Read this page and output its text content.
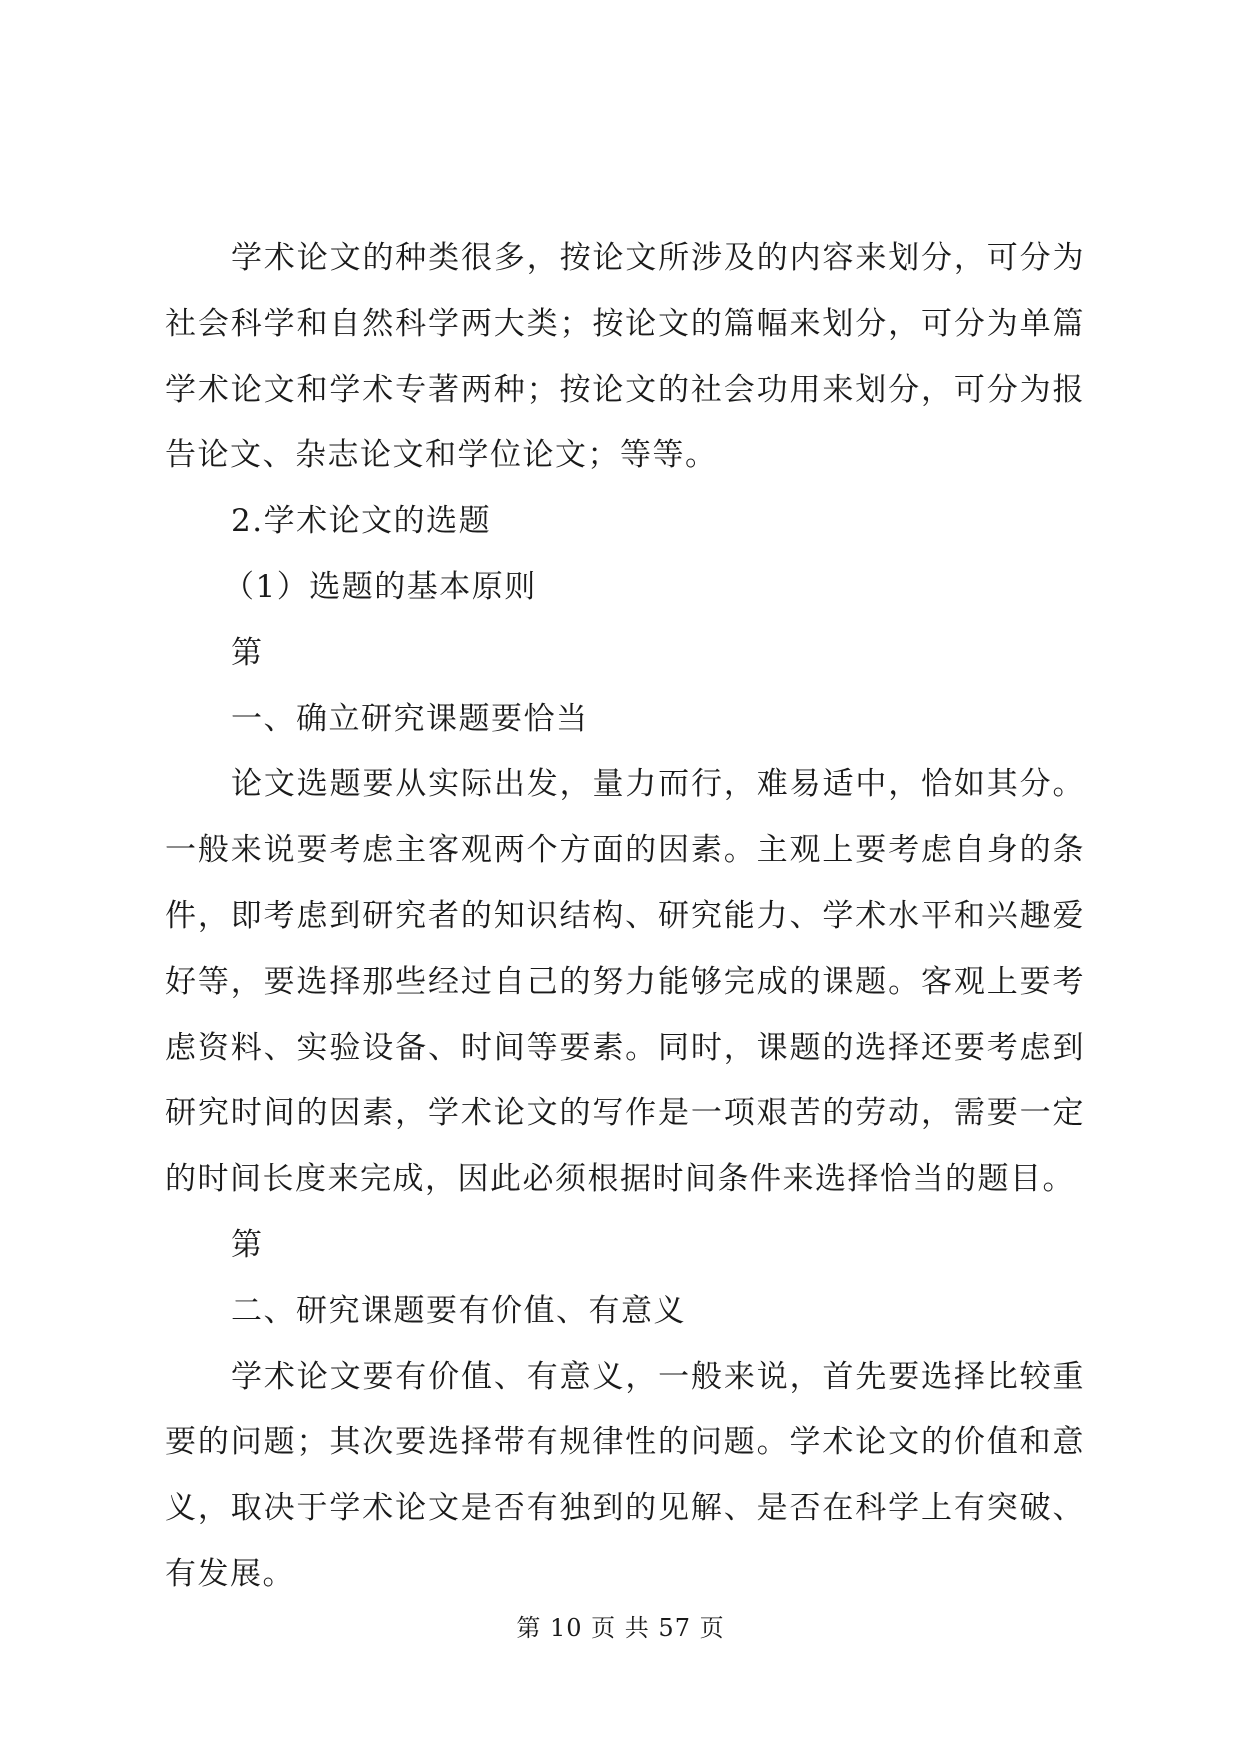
学术论文的种类很多，按论文所涉及的内容来划分，可分为社会科学和自然科学两大类；按论文的篇幅来划分，可分为单篇学术论文和学术专著两种；按论文的社会功用来划分，可分为报告论文、杂志论文和学位论文；等等。

2.学术论文的选题

（1）选题的基本原则

第

一、确立研究课题要恰当

论文选题要从实际出发，量力而行，难易适中，恰如其分。一般来说要考虑主客观两个方面的因素。主观上要考虑自身的条件，即考虑到研究者的知识结构、研究能力、学术水平和兴趣爱好等，要选择那些经过自己的努力能够完成的课题。客观上要考虑资料、实验设备、时间等要素。同时，课题的选择还要考虑到研究时间的因素，学术论文的写作是一项艰苦的劳动，需要一定的时间长度来完成，因此必须根据时间条件来选择恰当的题目。

第

二、研究课题要有价值、有意义

学术论文要有价值、有意义，一般来说，首先要选择比较重要的问题；其次要选择带有规律性的问题。学术论文的价值和意义，取决于学术论文是否有独到的见解、是否在科学上有突破、有发展。

第 10 页 共 57 页
